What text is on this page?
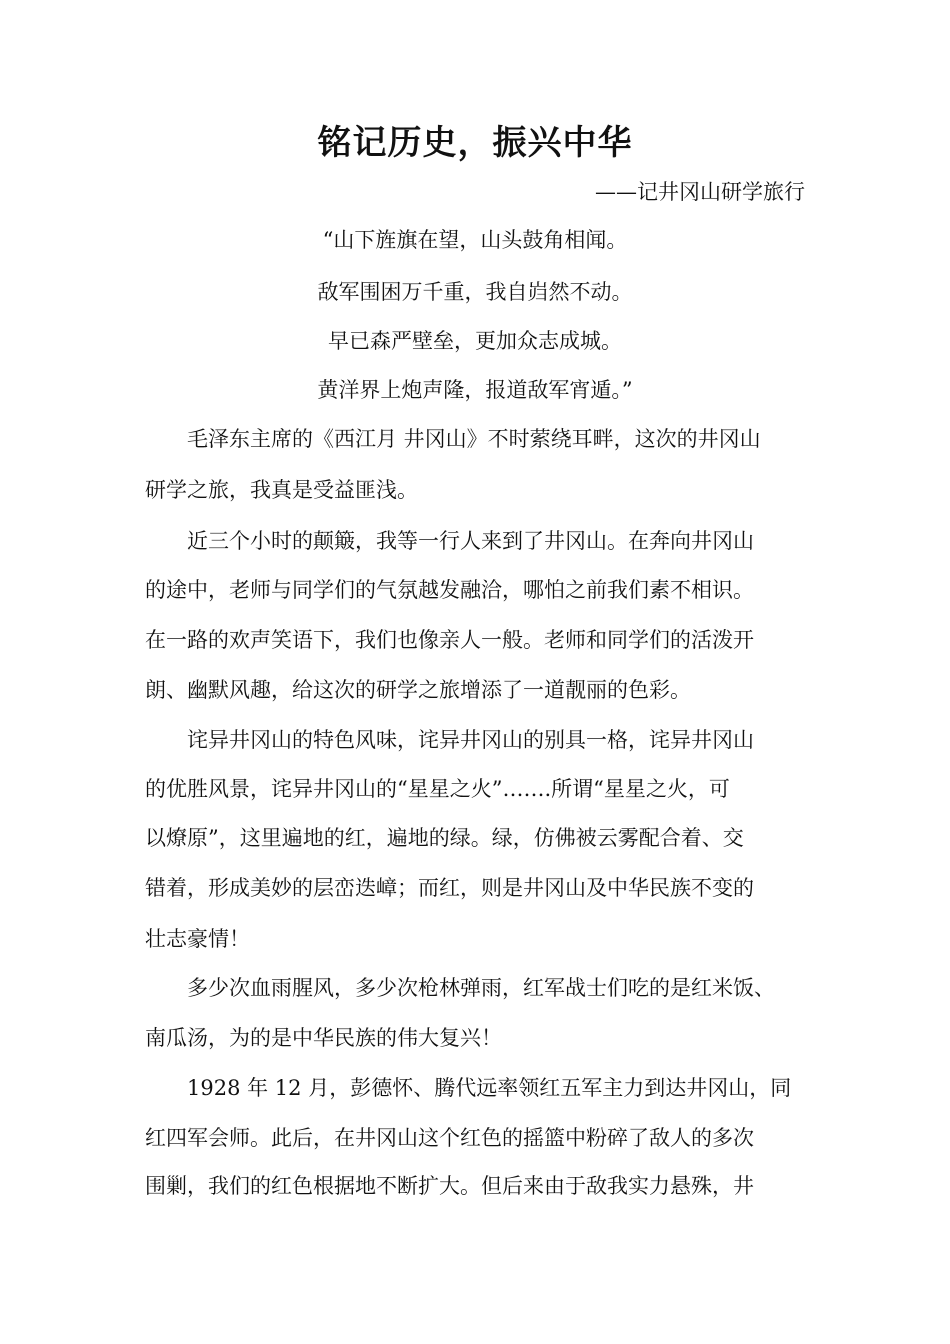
铭记历史，振兴中华
——记井冈山研学旅行
“山下旌旗在望，山头鼓角相闻。
敌军围困万千重，我自岿然不动。
早已森严壁垒，更加众志成城。
黄洋界上炮声隆，报道敌军宵遁。”
毛泽东主席的《西江月 井冈山》不时萦绕耳畔，这次的井冈山
研学之旅，我真是受益匪浅。
近三个小时的颠簸，我等一行人来到了井冈山。在奔向井冈山
的途中，老师与同学们的气氛越发融洽，哪怕之前我们素不相识。
在一路的欢声笑语下，我们也像亲人一般。老师和同学们的活泼开
朗、幽默风趣，给这次的研学之旅增添了一道靓丽的色彩。
诧异井冈山的特色风味，诧异井冈山的别具一格，诧异井冈山
的优胜风景，诧异井冈山的“星星之火”…….所谓“星星之火，可
以燎原”，这里遍地的红，遍地的绿。绿，仿佛被云雾配合着、交
错着，形成美妙的层峦迭嶂；而红，则是井冈山及中华民族不变的
壮志豪情！
多少次血雨腥风，多少次枪林弹雨，红军战士们吃的是红米饭、
南瓜汤，为的是中华民族的伟大复兴！
1928 年 12 月，彭德怀、腾代远率领红五军主力到达井冈山，同
红四军会师。此后，在井冈山这个红色的摇篮中粉碎了敌人的多次
围剿，我们的红色根据地不断扩大。但后来由于敌我实力悬殊，井
